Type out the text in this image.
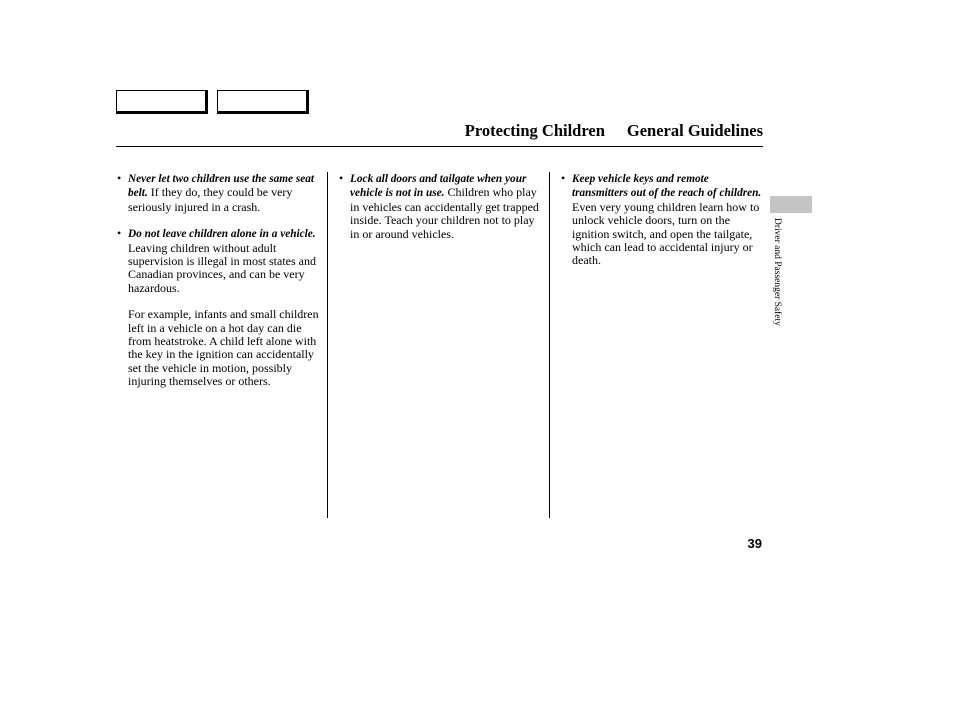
Protecting Children General Guidelines
• Never let two children use the same seat belt. If they do, they could be very seriously injured in a crash.
• Do not leave children alone in a vehicle. Leaving children without adult supervision is illegal in most states and Canadian provinces, and can be very hazardous.

For example, infants and small children left in a vehicle on a hot day can die from heatstroke. A child left alone with the key in the ignition can accidentally set the vehicle in motion, possibly injuring themselves or others.

• Lock all doors and tailgate when your vehicle is not in use. Children who play in vehicles can accidentally get trapped inside. Teach your children not to play in or around vehicles.
• Keep vehicle keys and remote transmitters out of the reach of children. Even very young children learn how to unlock vehicle doors, turn on the ignition switch, and open the tailgate, which can lead to accidental injury or death.	Driver and Passenger Safety
39
